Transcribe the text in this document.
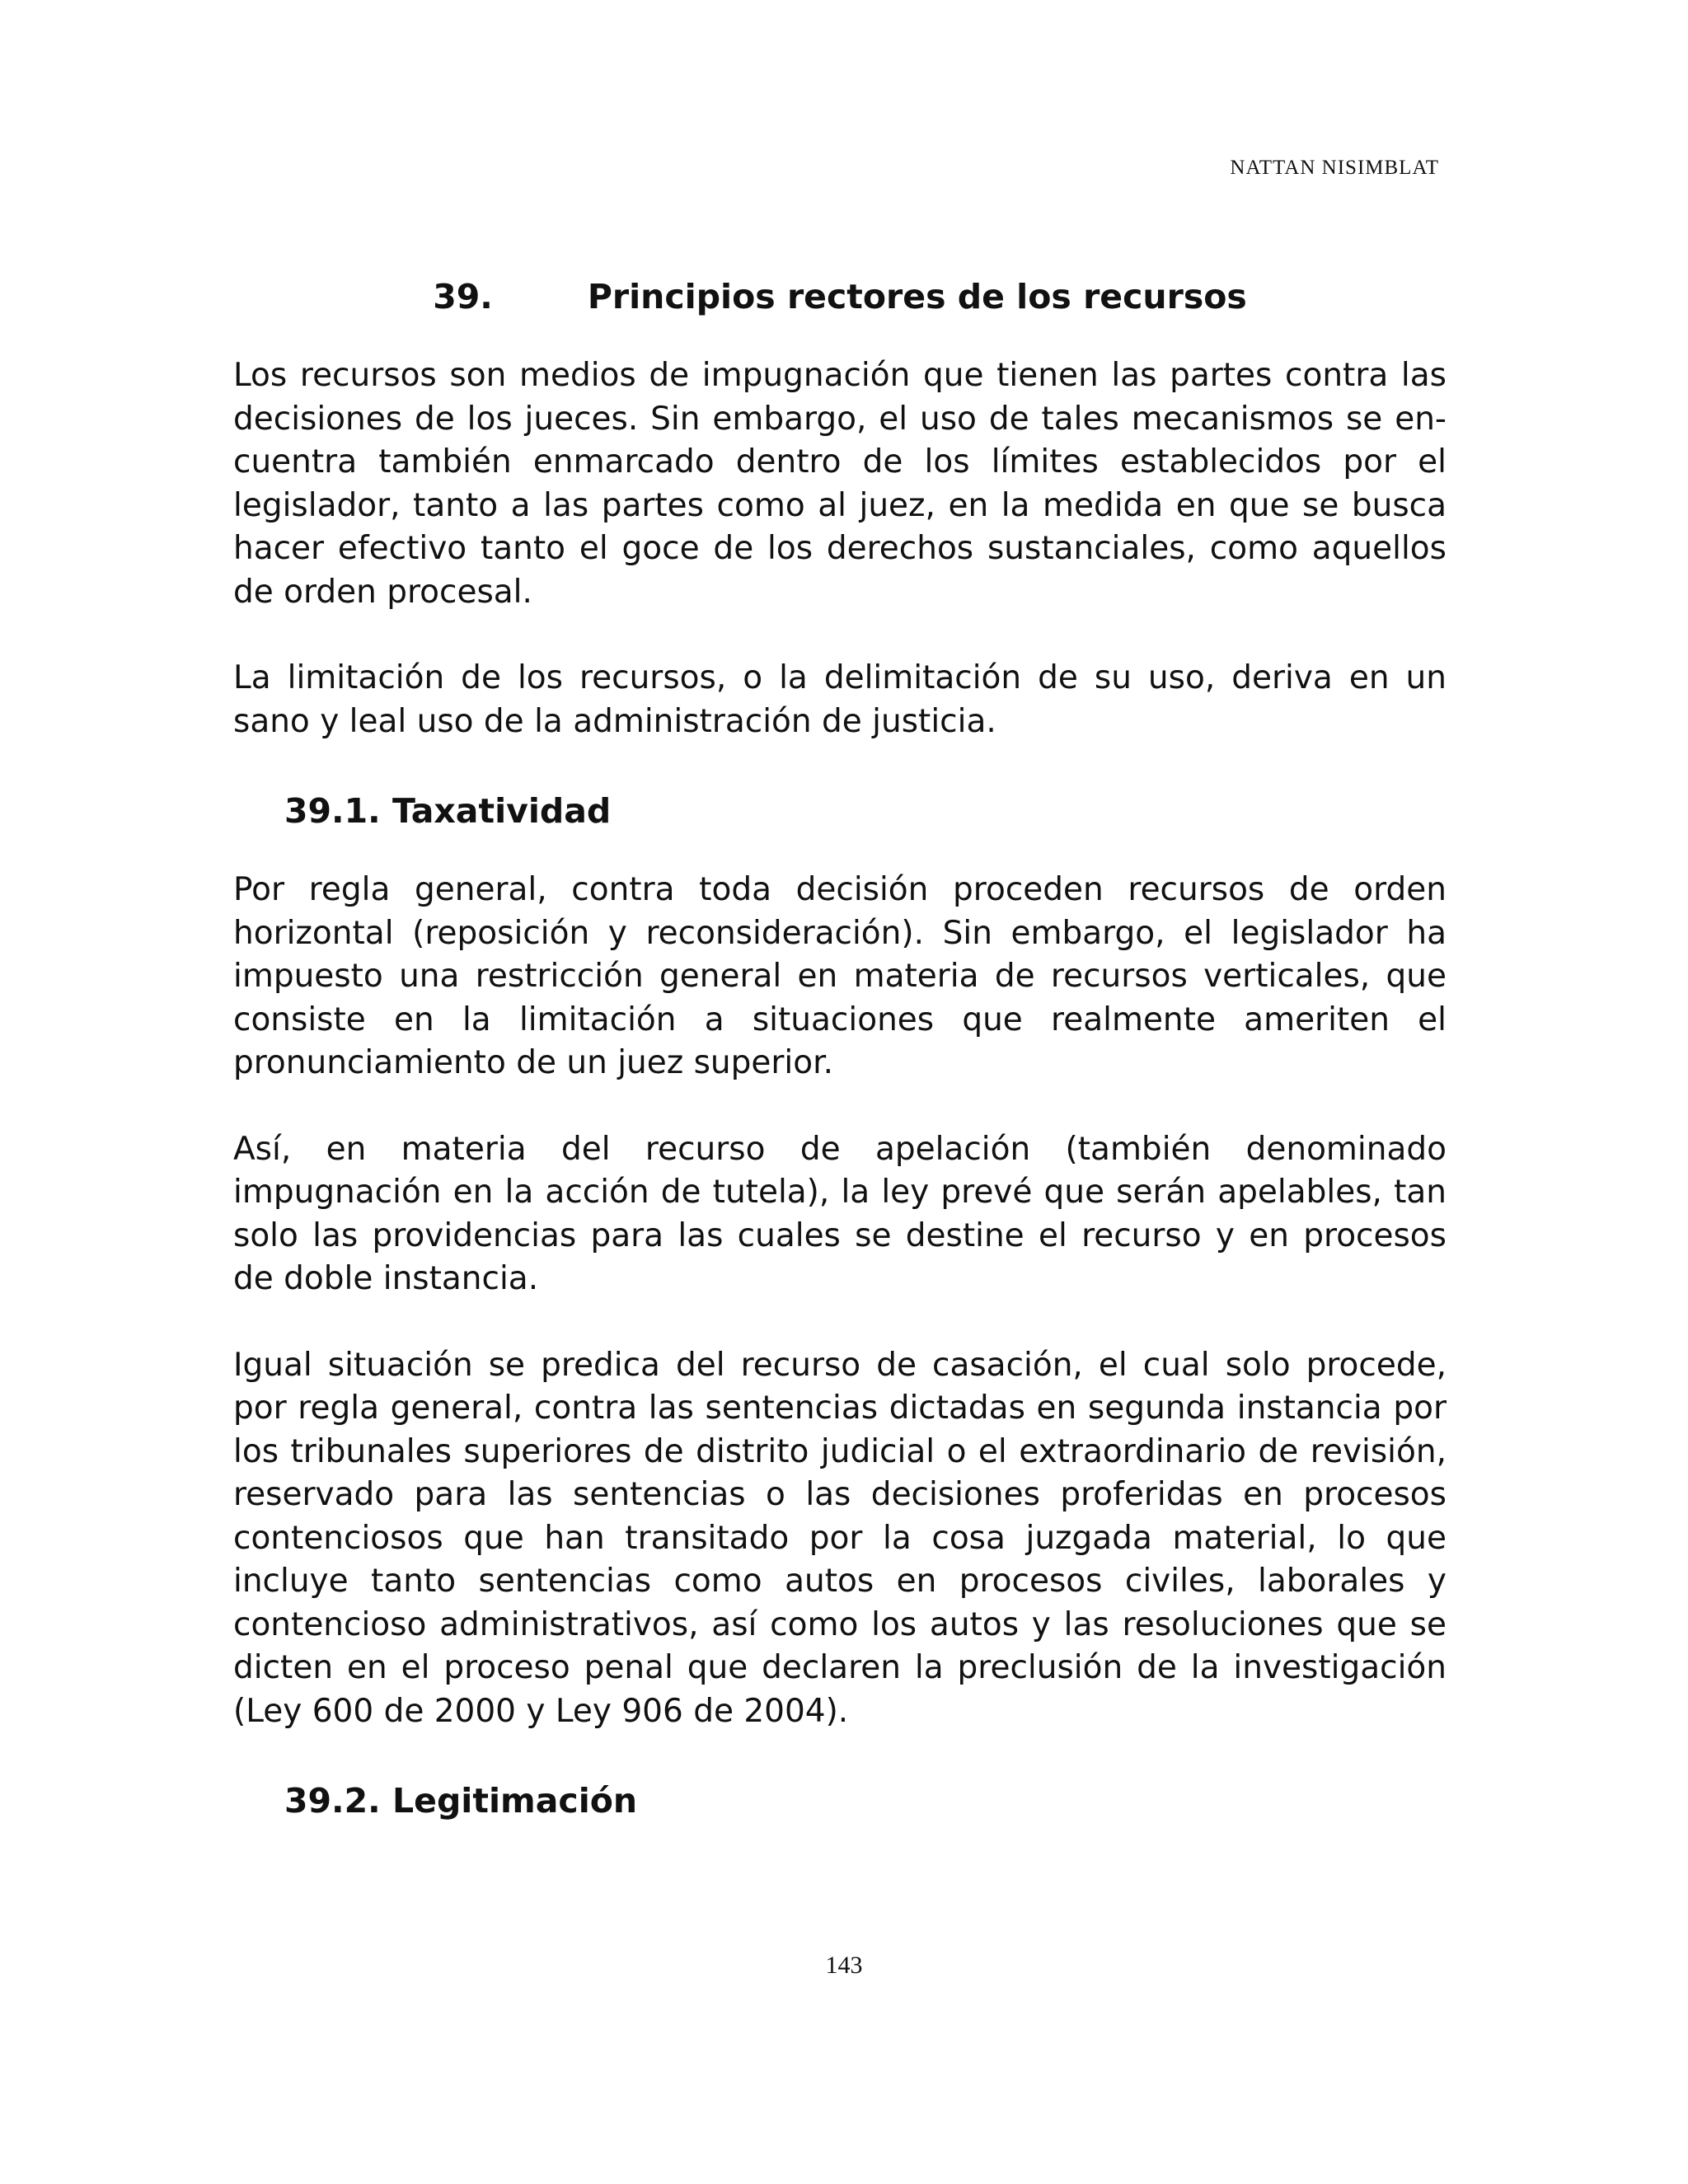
NATTAN NISIMBLAT
39.	Principios rectores de los recursos

Los recursos son medios de impugnación que tienen las partes contra las decisiones de los jueces. Sin embargo, el uso de tales mecanismos se encuentra también enmarcado dentro de los límites establecidos por el legislador, tanto a las partes como al juez, en la medida en que se busca hacer efectivo tanto el goce de los derechos sustanciales, como aquellos de orden procesal.

La limitación de los recursos, o la delimitación de su uso, deriva en un sano y leal uso de la administración de justicia.

39.1. Taxatividad

Por regla general, contra toda decisión proceden recursos de orden horizontal (reposición y reconsideración). Sin embargo, el legislador ha impuesto una restricción general en materia de recursos verticales, que consiste en la limitación a situaciones que realmente ameriten el pronunciamiento de un juez superior.

Así, en materia del recurso de apelación (también denominado impugnación en la acción de tutela), la ley prevé que serán apelables, tan solo las providencias para las cuales se destine el recurso y en procesos de doble instancia.

Igual situación se predica del recurso de casación, el cual solo procede, por regla general, contra las sentencias dictadas en segunda instancia por los tribunales superiores de distrito judicial o el extraordinario de revisión, reservado para las sentencias o las decisiones proferidas en procesos contenciosos que han transitado por la cosa juzgada material, lo que incluye tanto sentencias como autos en procesos civiles, laborales y contencioso administrativos, así como los autos y las resoluciones que se dicten en el proceso penal que declaren la preclusión de la investigación (Ley 600 de 2000 y Ley 906 de 2004).

39.2. Legitimación
143
